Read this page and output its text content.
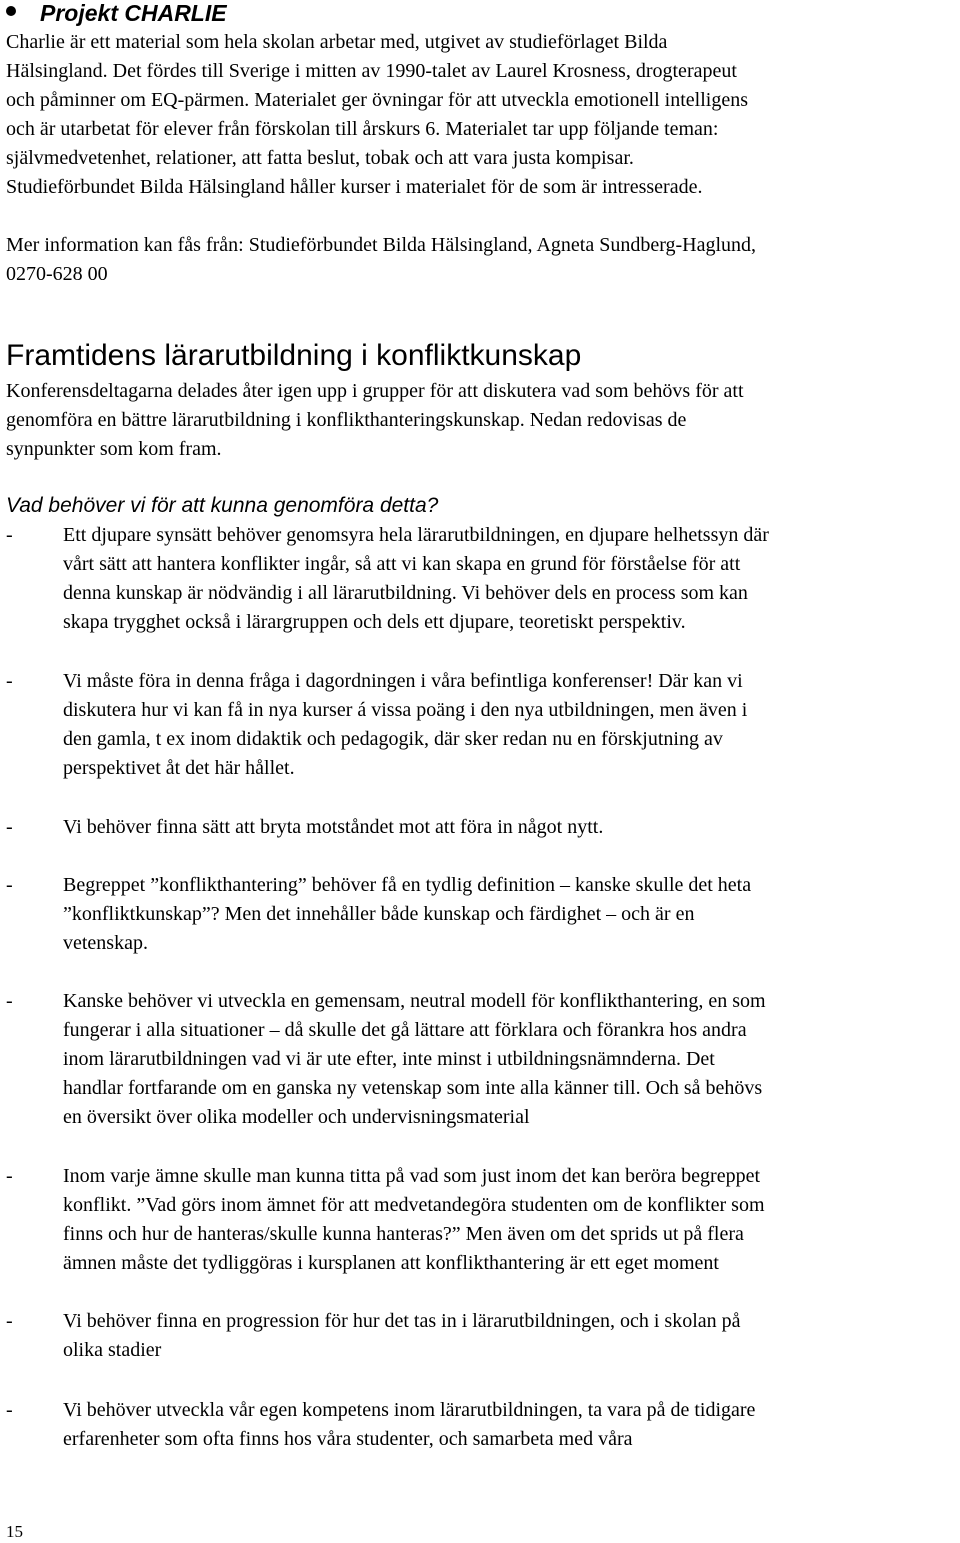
Projekt CHARLIE

Charlie är ett material som hela skolan arbetar med, utgivet av studieförlaget Bilda

Hälsingland. Det fördes till Sverige i mitten av 1990-talet av Laurel Krosness, drogterapeut

och påminner om EQ-pärmen. Materialet ger övningar för att utveckla emotionell intelligens

och är utarbetat för elever från förskolan till årskurs 6. Materialet tar upp följande teman:

självmedvetenhet, relationer, att fatta beslut, tobak och att vara justa kompisar.

Studieförbundet Bilda Hälsingland håller kurser i materialet för de som är intresserade.

Mer information kan fås från: Studieförbundet Bilda Hälsingland, Agneta Sundberg-Haglund,

0270-628 00

Framtidens lärarutbildning i konfliktkunskap

Konferensdeltagarna delades åter igen upp i grupper för att diskutera vad som behövs för att

genomföra en bättre lärarutbildning i konflikthanteringskunskap. Nedan redovisas de

synpunkter som kom fram.

Vad behöver vi för att kunna genomföra detta?
-	Ett djupare synsätt behöver genomsyra hela lärarutbildningen, en djupare helhetssyn där

vårt sätt att hantera konflikter ingår, så att vi kan skapa en grund för förståelse för att

denna kunskap är nödvändig i all lärarutbildning. Vi behöver dels en process som kan

skapa trygghet också i lärargruppen och dels ett djupare, teoretiskt perspektiv.

-	Vi måste föra in denna fråga i dagordningen i våra befintliga konferenser! Där kan vi

diskutera hur vi kan få in nya kurser á vissa poäng i den nya utbildningen, men även i

den gamla, t ex inom didaktik och pedagogik, där sker redan nu en förskjutning av

perspektivet åt det här hållet.

-	Vi behöver finna sätt att bryta motståndet mot att föra in något nytt.

-	Begreppet ”konflikthantering” behöver få en tydlig definition – kanske skulle det heta

”konfliktkunskap”? Men det innehåller både kunskap och färdighet – och är en

vetenskap.

-	Kanske behöver vi utveckla en gemensam, neutral modell för konflikthantering, en som

fungerar i alla situationer – då skulle det gå lättare att förklara och förankra hos andra

inom lärarutbildningen vad vi är ute efter, inte minst i utbildningsnämnderna. Det

handlar fortfarande om en ganska ny vetenskap som inte alla känner till. Och så behövs

en översikt över olika modeller och undervisningsmaterial

-	Inom varje ämne skulle man kunna titta på vad som just inom det kan beröra begreppet

konflikt. ”Vad görs inom ämnet för att medvetandegöra studenten om de konflikter som

finns och hur de hanteras/skulle kunna hanteras?” Men även om det sprids ut på flera

ämnen måste det tydliggöras i kursplanen att konflikthantering är ett eget moment

-	Vi behöver finna en progression för hur det tas in i lärarutbildningen, och i skolan på

olika stadier

-	Vi behöver utveckla vår egen kompetens inom lärarutbildningen, ta vara på de tidigare

erfarenheter som ofta finns hos våra studenter, och samarbeta med våra

15
